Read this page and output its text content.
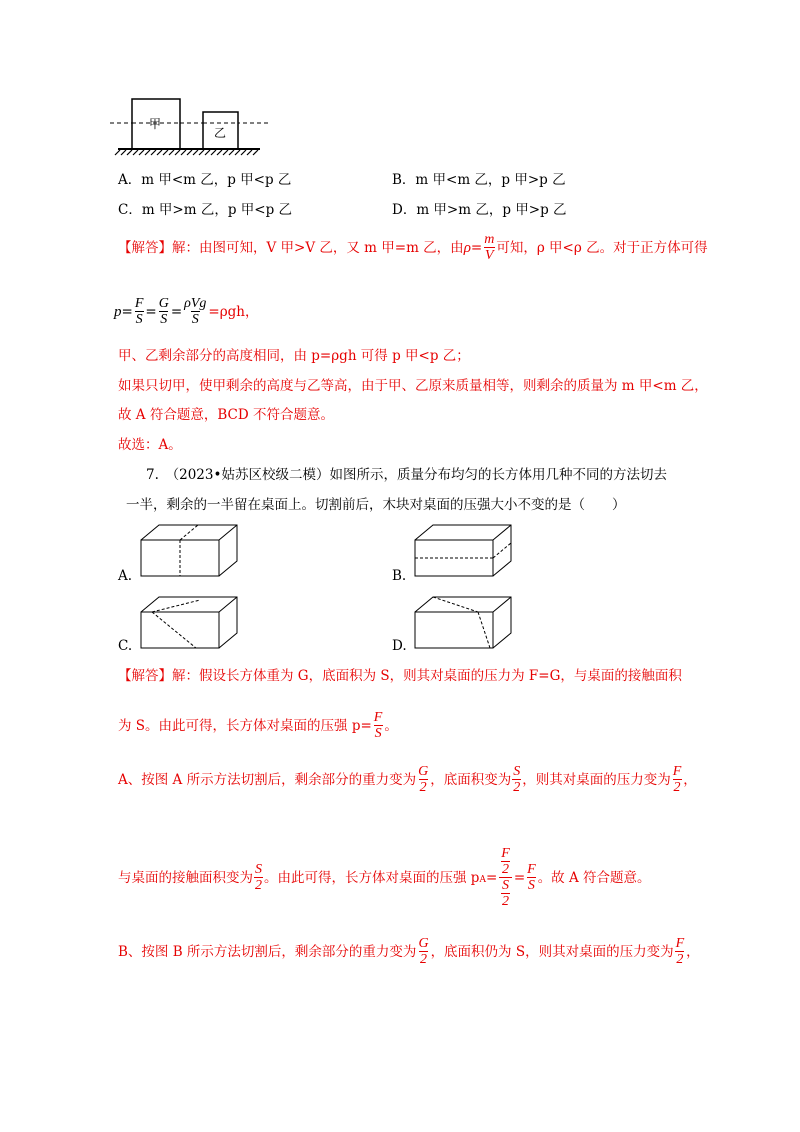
甲
乙
A．m 甲<m 乙，p 甲<p 乙	B．m 甲<m 乙，p 甲>p 乙
C．m 甲>m 乙，p 甲<p 乙	D．m 甲>m 乙，p 甲>p 乙
【解答】 解：由图可知，V 甲>V 乙，又 m 甲=m 乙，由 $\rho = \frac{m}{V}$ 可知，ρ 甲<ρ 乙。对于正方体可得
$p = \frac{F}{S} = \frac{G}{S} = \frac{\text{ρVg}}{S} =\rho gh$，
甲、乙剩余部分的高度相同，由 p=ρgh 可得 p 甲<p 乙；
如果只切甲，使甲剩余的高度与乙等高，由于甲、乙原来质量相等，则剩余的质量为 m 甲<m 乙，
故 A 符合题意，BCD 不符合题意。
故选：A。
7.　（2023•姑苏区校级二模）如图所示，质量分布均匀的长方体用几种不同的方法切去
一半，剩余的一半留在桌面上。切割前后，木块对桌面的压强大小不变的是（　　）
A.	B.
C.	D.
【解答】解：假设长方体重为 G，底面积为 S，则其对桌面的压力为 F=G，与桌面的接触面积
为 S。由此可得，长方体对桌面的压强 $p= \frac{F}{S}$ 。
A、按图 A 所示方法切割后，剩余部分的重力变为 $\frac{G}{2}$ ，底面积变为 $\frac{S}{2}$ ，则其对桌面的压力变为 $\frac{F}{2}$ ，
与桌面的接触面积变为 $\frac{S}{2}$ 。由此可得，长方体对桌面的压强 p $A = \frac{\frac{F}{2}}{\frac{S}{2}} = \frac{F}{S}$ 。故 A 符合题意。
B、按图 B 所示方法切割后，剩余部分的重力变为 $\frac{G}{2}$ ，底面积仍为 S，则其对桌面的压力变为 $\frac{F}{2}$ ，
